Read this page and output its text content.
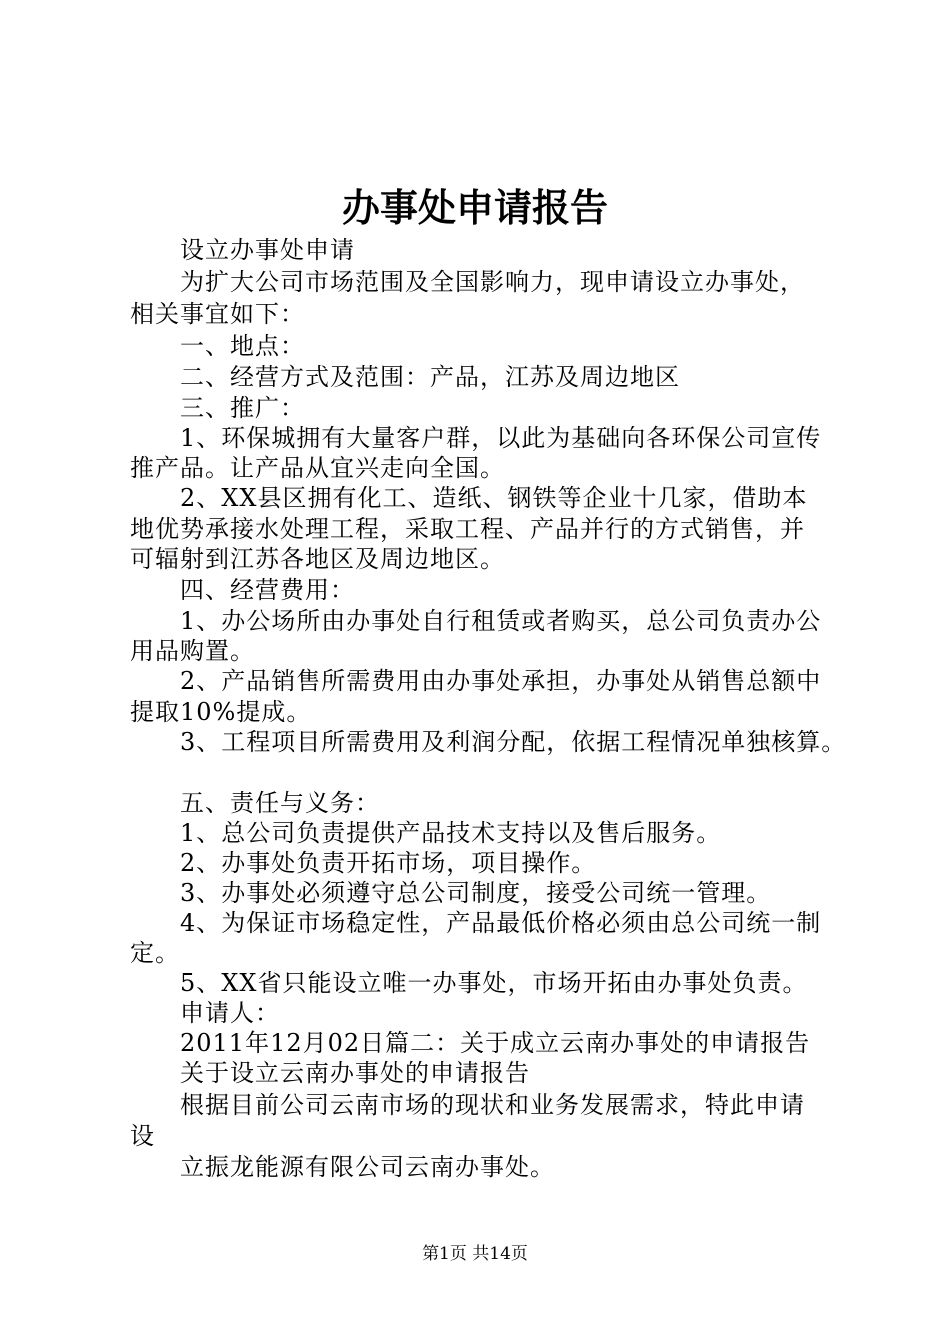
办事处申请报告
设立办事处申请
为扩大公司市场范围及全国影响力，现申请设立办事处，
相关事宜如下：
一、地点：
二、经营方式及范围：产品，江苏及周边地区
三、推广：
1、环保城拥有大量客户群，以此为基础向各环保公司宣传
推产品。让产品从宜兴走向全国。
2、XX县区拥有化工、造纸、钢铁等企业十几家，借助本
地优势承接水处理工程，采取工程、产品并行的方式销售，并
可辐射到江苏各地区及周边地区。
四、经营费用：
1、办公场所由办事处自行租赁或者购买，总公司负责办公
用品购置。
2、产品销售所需费用由办事处承担，办事处从销售总额中
提取10%提成。
3、工程项目所需费用及利润分配，依据工程情况单独核算。
五、责任与义务：
1、总公司负责提供产品技术支持以及售后服务。
2、办事处负责开拓市场，项目操作。
3、办事处必须遵守总公司制度，接受公司统一管理。
4、为保证市场稳定性，产品最低价格必须由总公司统一制
定。
5、XX省只能设立唯一办事处，市场开拓由办事处负责。
申请人：
2011年12月02日篇二：关于成立云南办事处的申请报告
关于设立云南办事处的申请报告
根据目前公司云南市场的现状和业务发展需求，特此申请
设
立振龙能源有限公司云南办事处。
第1页 共14页
